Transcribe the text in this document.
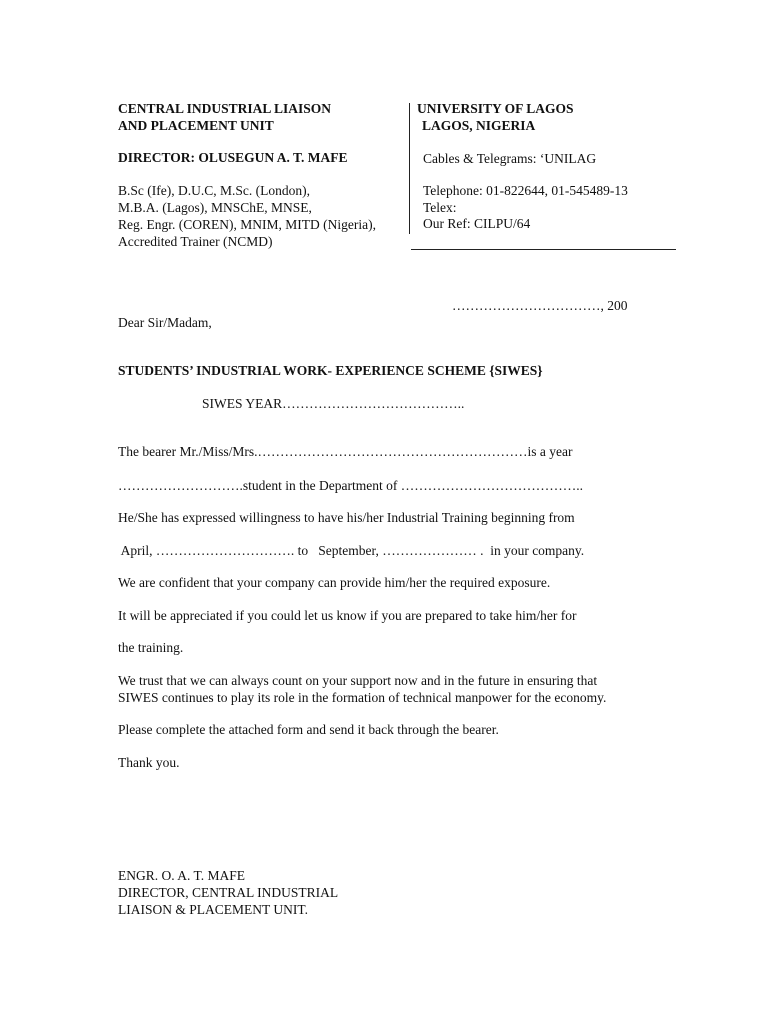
CENTRAL INDUSTRIAL LIAISON
AND PLACEMENT UNIT
DIRECTOR: OLUSEGUN A. T. MAFE
B.Sc (Ife), D.U.C, M.Sc. (London),
M.B.A. (Lagos), MNSChE, MNSE,
Reg. Engr. (COREN), MNIM, MITD (Nigeria),
Accredited Trainer (NCMD)
UNIVERSITY OF LAGOS
LAGOS, NIGERIA
Cables & Telegrams: ‘UNILAG
Telephone: 01-822644, 01-545489-13
Telex:
Our Ref: CILPU/64
……………………………, 200
Dear Sir/Madam,
STUDENTS’ INDUSTRIAL WORK- EXPERIENCE SCHEME {SIWES}
SIWES YEAR…………………………………..
The bearer Mr./Miss/Mrs.……………………………………………………is a year
……………………….student in the Department of …………………………………..
He/She has expressed willingness to have his/her Industrial Training beginning from
April, …………………………. to   September, ………………… .  in your company.
We are confident that your company can provide him/her the required exposure.
It will be appreciated if you could let us know if you are prepared to take him/her for
the training.
We trust that we can always count on your support now and in the future in ensuring that
SIWES continues to play its role in the formation of technical manpower for the economy.
Please complete the attached form and send it back through the bearer.
Thank you.
ENGR. O. A. T. MAFE
DIRECTOR, CENTRAL INDUSTRIAL
LIAISON & PLACEMENT UNIT.
